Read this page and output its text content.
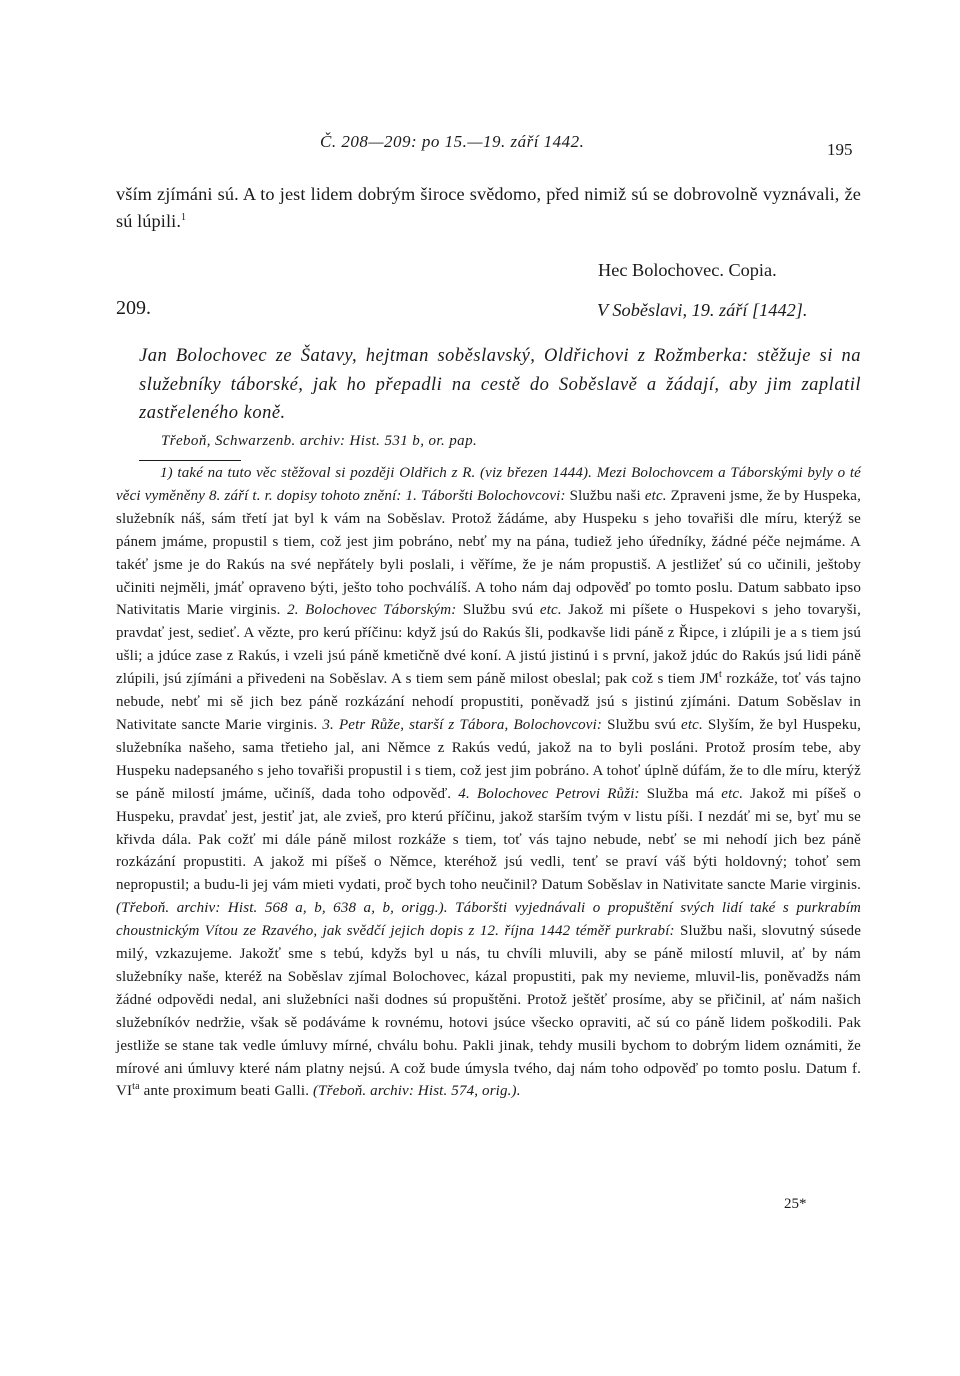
Č. 208—209: po 15.—19. září 1442.	195
vším zjímáni sú. A to jest lidem dobrým široce svědomo, před nimiž sú se dobrovolně vyznávali, že sú lúpili.$^1$
Hec Bolochovec. Copia.
209.	V Soběslavi, 19. září [1442].
Jan Bolochovec ze Šatavy, hejtman soběslavský, Oldřichovi z Rožmberka: stěžuje si na služebníky táborské, jak ho přepadli na cestě do Soběslavě a žádají, aby jim zaplatil zastřeleného koně.
Třeboň, Schwarzenb. archiv: Hist. 531 b, or. pap.

1) také na tuto věc stěžoval si později Oldřich z R. (viz březen 1444). Mezi Bolochovcem a Táborskými byly o té věci vyměněny 8. září t. r. dopisy tohoto znění: 1. Táboršti Bolochovcovi: Službu naši etc. Zpraveni jsme, že by Huspeka, služebník náš, sám třetí jat byl k vám na Soběslav. Protož žádáme, aby Huspeku s jeho tovařiši dle míru, kterýž se pánem jmáme, propustil s tiem, což jest jim pobráno, nebť my na pána, tudiež jeho úředníky, žádné péče nejmáme. A takéť jsme je do Rakús na své nepřátely byli poslali, i věříme, že je nám propustiš. A jestližeť sú co učinili, ještoby učiniti nejměli, jmáť opraveno býti, ješto toho pochválíš. A toho nám daj odpověď po tomto poslu. Datum sabbato ipso Nativitatis Marie virginis. 2. Bolochovec Táborským: Službu svú etc. Jakož mi píšete o Huspekovi s jeho tovaryši, pravdať jest, sedieť. A vězte, pro kerú příčinu: když jsú do Rakús šli, podkavše lidi páně z Řipce, i zlúpili je a s tiem jsú ušli; a jdúce zase z Rakús, i vzeli jsú páně kmetičně dvé koní. A jistú jistinú i s první, jakož jdúc do Rakús jsú lidi páně zlúpili, jsú zjímáni a přivedeni na Soběslav. A s tiem sem páně milost obeslal; pak což s tiem $JM^t$ rozkáže, toť vás tajno nebude, nebť mi sě jich bez páně rozkázání nehodí propustiti, poněvadž jsú s jistinú zjímáni. Datum Soběslav in Nativitate sancte Marie virginis. 3. Petr Růže, starší z Tábora, Bolochovcovi: Službu svú etc. Slyším, že byl Huspeku, služebníka našeho, sama třetieho jal, ani Němce z Rakús vedú, jakož na to byli posláni. Protož prosím tebe, aby Huspeku nadepsaného s jeho tovařiši propustil i s tiem, což jest jim pobráno. A tohoť úplně dúfám, že to dle míru, kterýž se páně milostí jmáme, učiníš, dada toho odpověď. 4. Bolochovec Petrovi Růži: Služba má etc. Jakož mi píšeš o Huspeku, pravdať jest, jestiť jat, ale zvieš, pro kterú příčinu, jakož starším tvým v listu píši. I nezdáť mi se, byť mu se křivda dála. Pak cožť mi dále páně milost rozkáže s tiem, toť vás tajno nebude, nebť se mi nehodí jich bez páně rozkázání propustiti. A jakož mi píšeš o Němce, kteréhož jsú vedli, tenť se praví váš býti holdovný; tohoť sem nepropustil; a budu-li jej vám mieti vydati, proč bych toho neučinil? Datum Soběslav in Nativitate sancte Marie virginis. (Třeboň. archiv: Hist. 568 a, b, 638 a, b, origg.). Táboršti vyjednávali o propuštění svých lidí také s purkrabím choustnickým Vítou ze Rzavého, jak svědčí jejich dopis z 12. října 1442 téměř purkrabí: Službu naši, slovutný súsede milý, vzkazujeme. Jakožť sme s tebú, kdyžs byl u nás, tu chvíli mluvili, aby se páně milostí mluvil, ať by nám služebníky naše, kteréž na Soběslav zjímal Bolochovec, kázal propustiti, pak my nevieme, mluvil-lis, poněvadžs nám žádné odpovědi nedal, ani služebníci naši dodnes sú propuštěni. Protož ještěť prosíme, aby se přičinil, ať nám našich služebníkóv nedržie, však sě podáváme k rovnému, hotovi jsúce všecko opraviti, ač sú co páně lidem poškodili. Pak jestliže se stane tak vedle úmluvy mírné, chválu bohu. Pakli jinak, tehdy musili bychom to dobrým lidem oznámiti, že mírové ani úmluvy které nám platny nejsú. A což bude úmysla tvého, daj nám toho odpověď po tomto poslu. Datum f. $VI^{ta}$ ante proximum beati Galli. (Třeboň. archiv: Hist. 574, orig.).

25*
